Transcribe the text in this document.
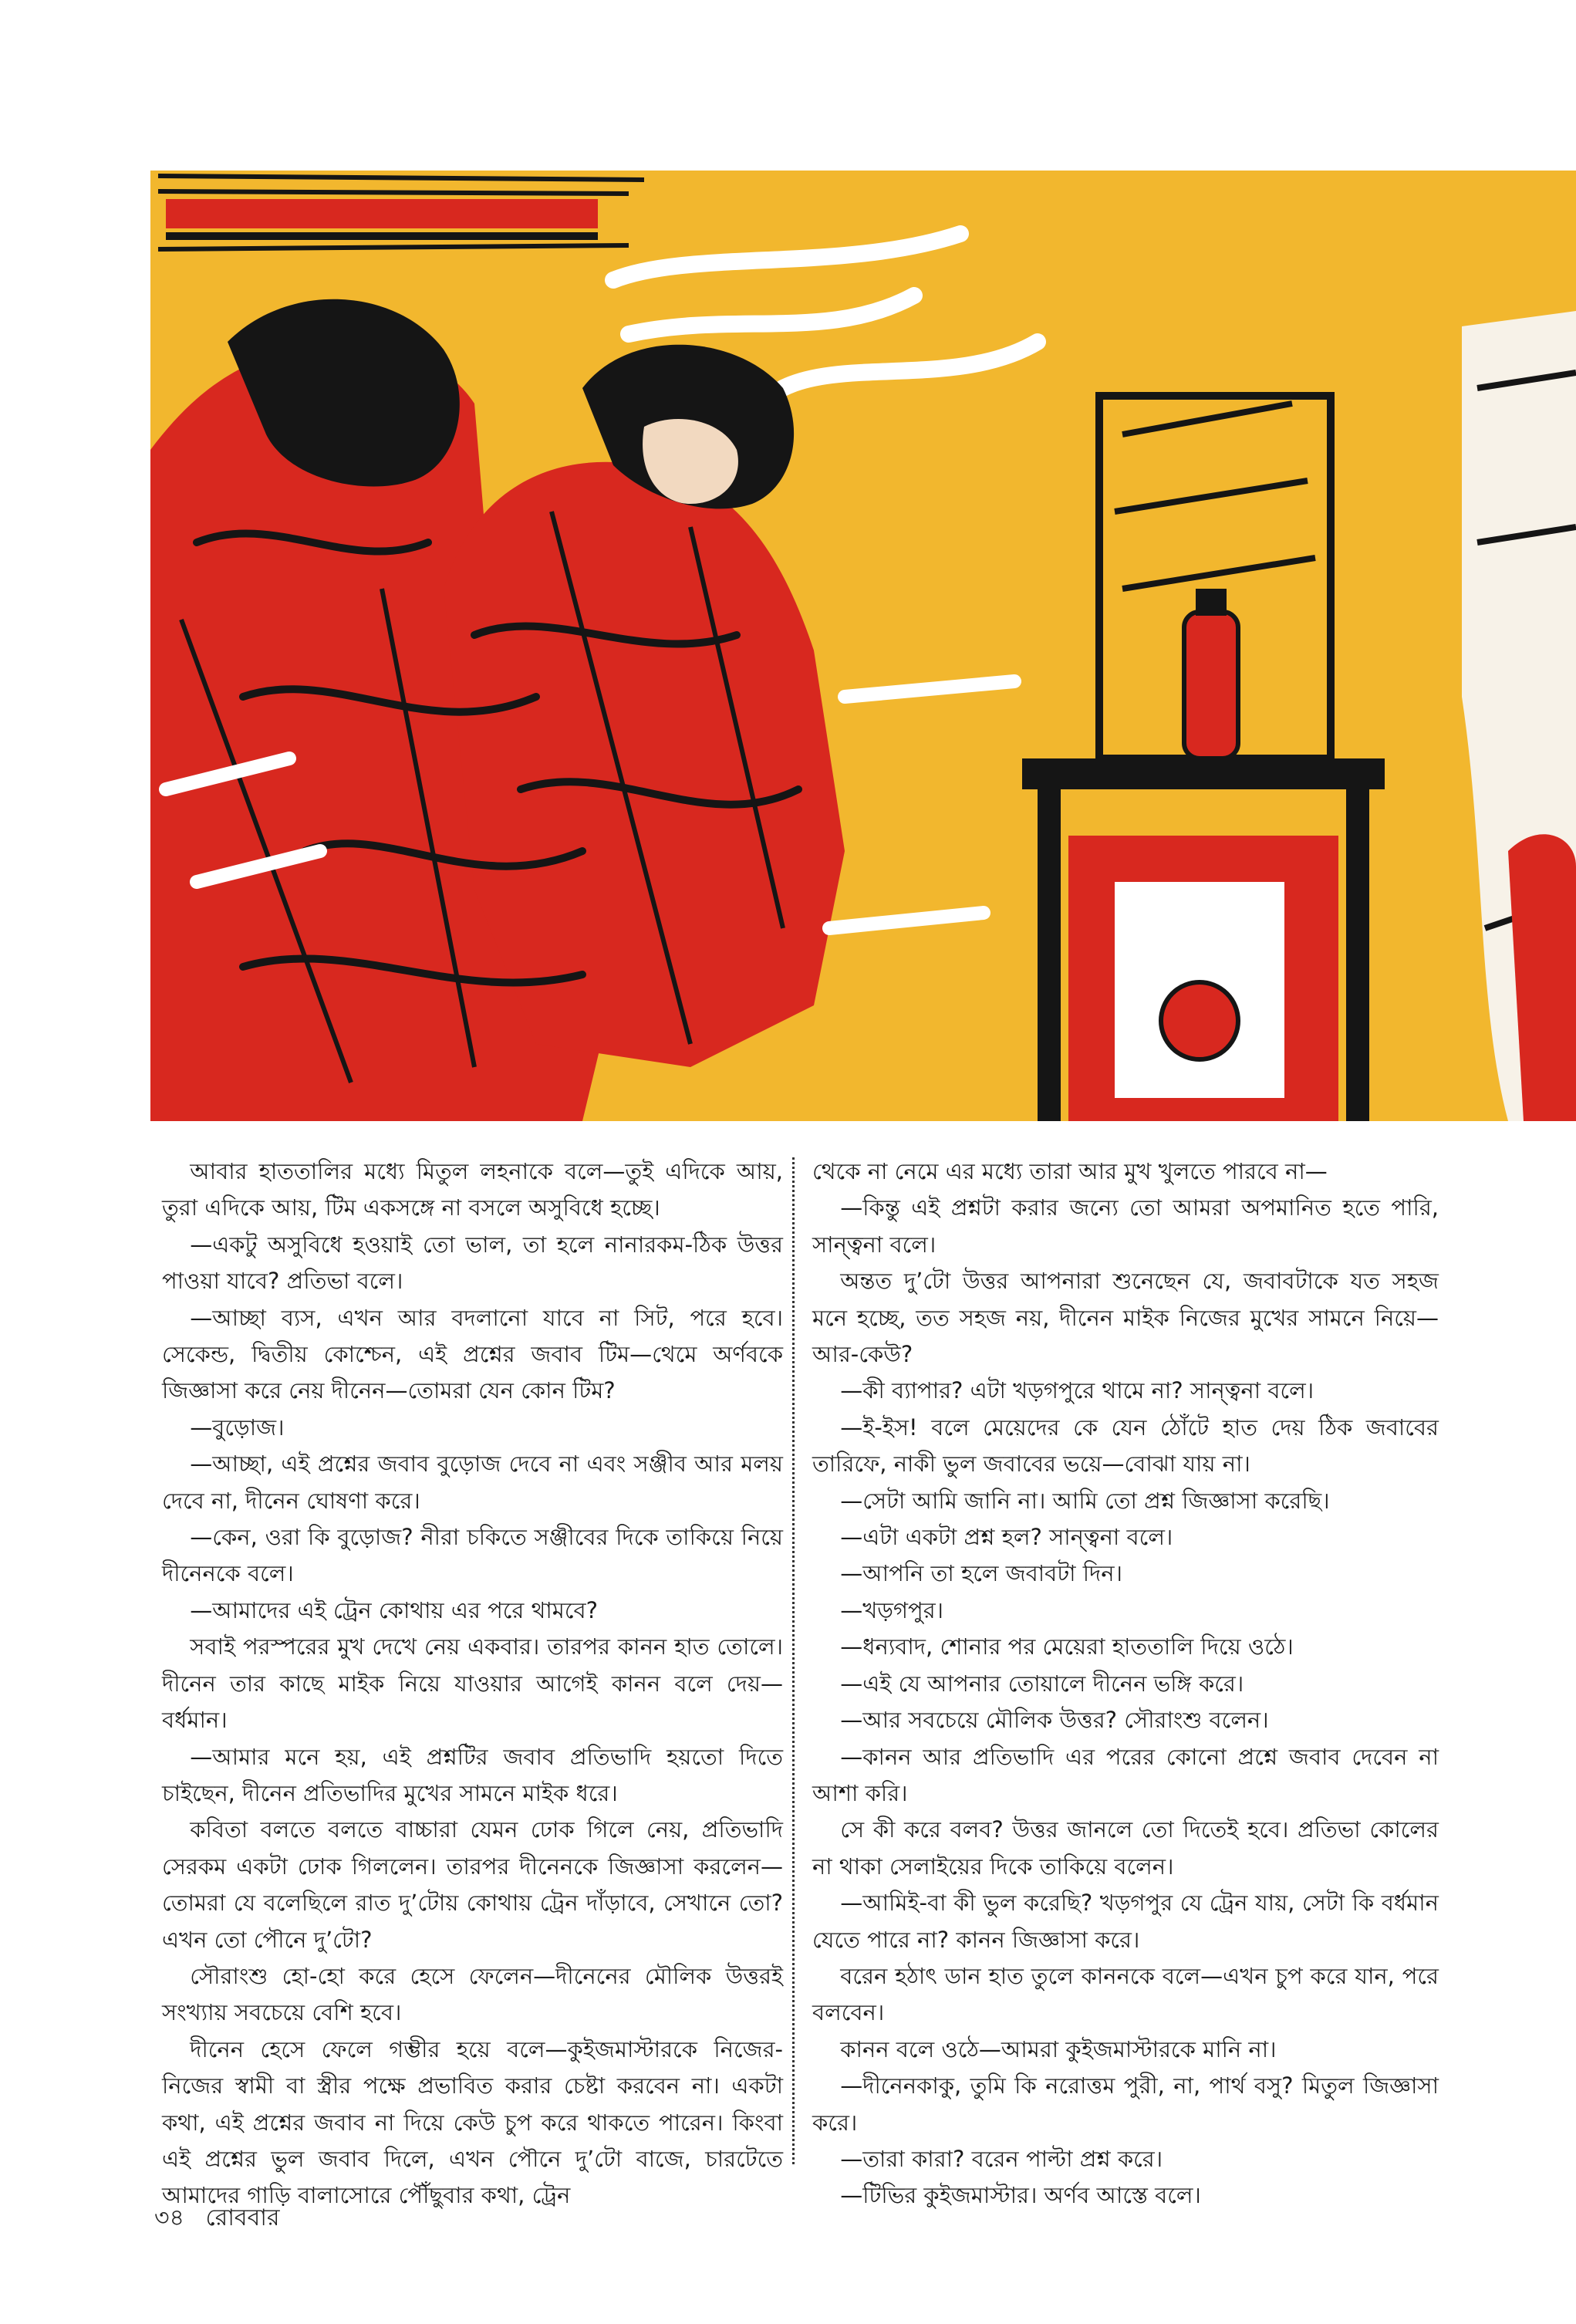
আবার হাততালির মধ্যে মিতুল লহনাকে বলে—তুই এদিকে আয়, তুরা এদিকে আয়, টিম একসঙ্গে না বসলে অসুবিধে হচ্ছে।

—একটু অসুবিধে হওয়াই তো ভাল, তা হলে নানারকম-ঠিক উত্তর পাওয়া যাবে? প্রতিভা বলে।

—আচ্ছা ব্যস, এখন আর বদলানো যাবে না সিট, পরে হবে। সেকেন্ড, দ্বিতীয় কোশ্চেন, এই প্রশ্নের জবাব টিম—থেমে অর্ণবকে জিজ্ঞাসা করে নেয় দীনেন—তোমরা যেন কোন টিম?

—বুড়োজ।

—আচ্ছা, এই প্রশ্নের জবাব বুড়োজ দেবে না এবং সঞ্জীব আর মলয় দেবে না, দীনেন ঘোষণা করে।

—কেন, ওরা কি বুড়োজ? নীরা চকিতে সঞ্জীবের দিকে তাকিয়ে নিয়ে দীনেনকে বলে।

—আমাদের এই ট্রেন কোথায় এর পরে থামবে?

সবাই পরস্পরের মুখ দেখে নেয় একবার। তারপর কানন হাত তোলে। দীনেন তার কাছে মাইক নিয়ে যাওয়ার আগেই কানন বলে দেয়—বর্ধমান।

—আমার মনে হয়, এই প্রশ্নটির জবাব প্রতিভাদি হয়তো দিতে চাইছেন, দীনেন প্রতিভাদির মুখের সামনে মাইক ধরে।

কবিতা বলতে বলতে বাচ্চারা যেমন ঢোক গিলে নেয়, প্রতিভাদি সেরকম একটা ঢোক গিললেন। তারপর দীনেনকে জিজ্ঞাসা করলেন—তোমরা যে বলেছিলে রাত দু’টোয় কোথায় ট্রেন দাঁড়াবে, সেখানে তো? এখন তো পৌনে দু’টো?

সৌরাংশু হো-হো করে হেসে ফেলেন—দীনেনের মৌলিক উত্তরই সংখ্যায় সবচেয়ে বেশি হবে।

দীনেন হেসে ফেলে গম্ভীর হয়ে বলে—কুইজমাস্টারকে নিজের-নিজের স্বামী বা স্ত্রীর পক্ষে প্রভাবিত করার চেষ্টা করবেন না। একটা কথা, এই প্রশ্নের জবাব না দিয়ে কেউ চুপ করে থাকতে পারেন। কিংবা এই প্রশ্নের ভুল জবাব দিলে, এখন পৌনে দু’টো বাজে, চারটেতে আমাদের গাড়ি বালাসোরে পৌঁছুবার কথা, ট্রেন

থেকে না নেমে এর মধ্যে তারা আর মুখ খুলতে পারবে না—

—কিন্তু এই প্রশ্নটা করার জন্যে তো আমরা অপমানিত হতে পারি, সান্ত্বনা বলে।

অন্তত দু’টো উত্তর আপনারা শুনেছেন যে, জবাবটাকে যত সহজ মনে হচ্ছে, তত সহজ নয়, দীনেন মাইক নিজের মুখের সামনে নিয়ে—আর-কেউ?

—কী ব্যাপার? এটা খড়গপুরে থামে না? সান্ত্বনা বলে।

—ই-ইস! বলে মেয়েদের কে যেন ঠোঁটে হাত দেয় ঠিক জবাবের তারিফে, নাকী ভুল জবাবের ভয়ে—বোঝা যায় না।

—সেটা আমি জানি না। আমি তো প্রশ্ন জিজ্ঞাসা করেছি।

—এটা একটা প্রশ্ন হল? সান্ত্বনা বলে।

—আপনি তা হলে জবাবটা দিন।

—খড়গপুর।

—ধন্যবাদ, শোনার পর মেয়েরা হাততালি দিয়ে ওঠে।

—এই যে আপনার তোয়ালে দীনেন ভঙ্গি করে।

—আর সবচেয়ে মৌলিক উত্তর? সৌরাংশু বলেন।

—কানন আর প্রতিভাদি এর পরের কোনো প্রশ্নে জবাব দেবেন না আশা করি।

সে কী করে বলব? উত্তর জানলে তো দিতেই হবে। প্রতিভা কোলের না থাকা সেলাইয়ের দিকে তাকিয়ে বলেন।

—আমিই-বা কী ভুল করেছি? খড়গপুর যে ট্রেন যায়, সেটা কি বর্ধমান যেতে পারে না? কানন জিজ্ঞাসা করে।

বরেন হঠাৎ ডান হাত তুলে কাননকে বলে—এখন চুপ করে যান, পরে বলবেন।

কানন বলে ওঠে—আমরা কুইজমাস্টারকে মানি না।

—দীনেনকাকু, তুমি কি নরোত্তম পুরী, না, পার্থ বসু? মিতুল জিজ্ঞাসা করে।

—তারা কারা? বরেন পাল্টা প্রশ্ন করে।

—টিভির কুইজমাস্টার। অর্ণব আস্তে বলে।

৩৪ রোববার
